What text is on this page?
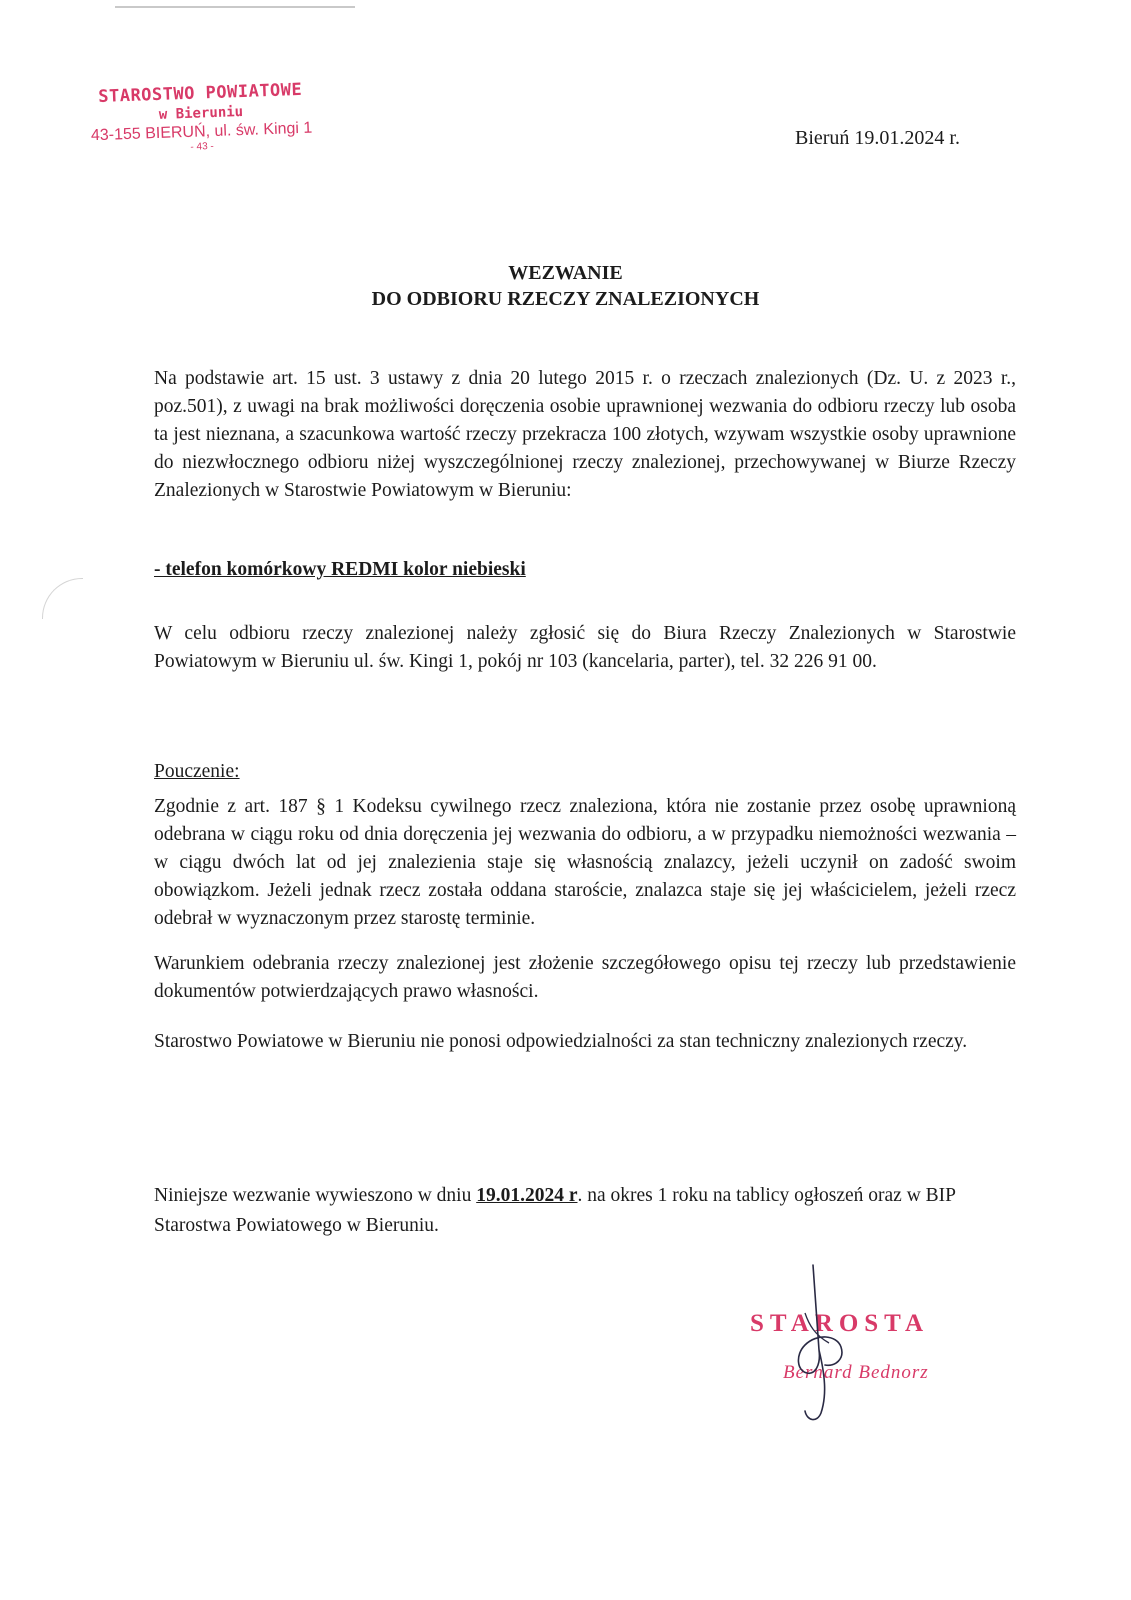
STAROSTWO POWIATOWE
w Bieruniu
43-155 BIERUŃ, ul. św. Kingi 1
- 43 -	Bieruń 19.01.2024 r.
WEZWANIE
DO ODBIORU RZECZY ZNALEZIONYCH
Na podstawie art. 15 ust. 3 ustawy z dnia 20 lutego 2015 r. o rzeczach znalezionych (Dz. U. z 2023 r., poz.501), z uwagi na brak możliwości doręczenia osobie uprawnionej wezwania do odbioru rzeczy lub osoba ta jest nieznana, a szacunkowa wartość rzeczy przekracza 100 złotych, wzywam wszystkie osoby uprawnione do niezwłocznego odbioru niżej wyszczególnionej rzeczy znalezionej, przechowywanej w Biurze Rzeczy Znalezionych w Starostwie Powiatowym w Bieruniu:
- telefon komórkowy REDMI kolor niebieski
W celu odbioru rzeczy znalezionej należy zgłosić się do Biura Rzeczy Znalezionych w Starostwie Powiatowym w Bieruniu ul. św. Kingi 1, pokój nr 103 (kancelaria, parter), tel. 32 226 91 00.
Pouczenie:
Zgodnie z art. 187 § 1 Kodeksu cywilnego rzecz znaleziona, która nie zostanie przez osobę uprawnioną odebrana w ciągu roku od dnia doręczenia jej wezwania do odbioru, a w przypadku niemożności wezwania – w ciągu dwóch lat od jej znalezienia staje się własnością znalazcy, jeżeli uczynił on zadość swoim obowiązkom. Jeżeli jednak rzecz została oddana staroście, znalazca staje się jej właścicielem, jeżeli rzecz odebrał w wyznaczonym przez starostę terminie.
Warunkiem odebrania rzeczy znalezionej jest złożenie szczegółowego opisu tej rzeczy lub przedstawienie dokumentów potwierdzających prawo własności.
Starostwo Powiatowe w Bieruniu nie ponosi odpowiedzialności za stan techniczny znalezionych rzeczy.
Niniejsze wezwanie wywieszono w dniu 19.01.2024 r. na okres 1 roku na tablicy ogłoszeń oraz w BIP Starostwa Powiatowego w Bieruniu.
STAROSTA
Bernard Bednorz
